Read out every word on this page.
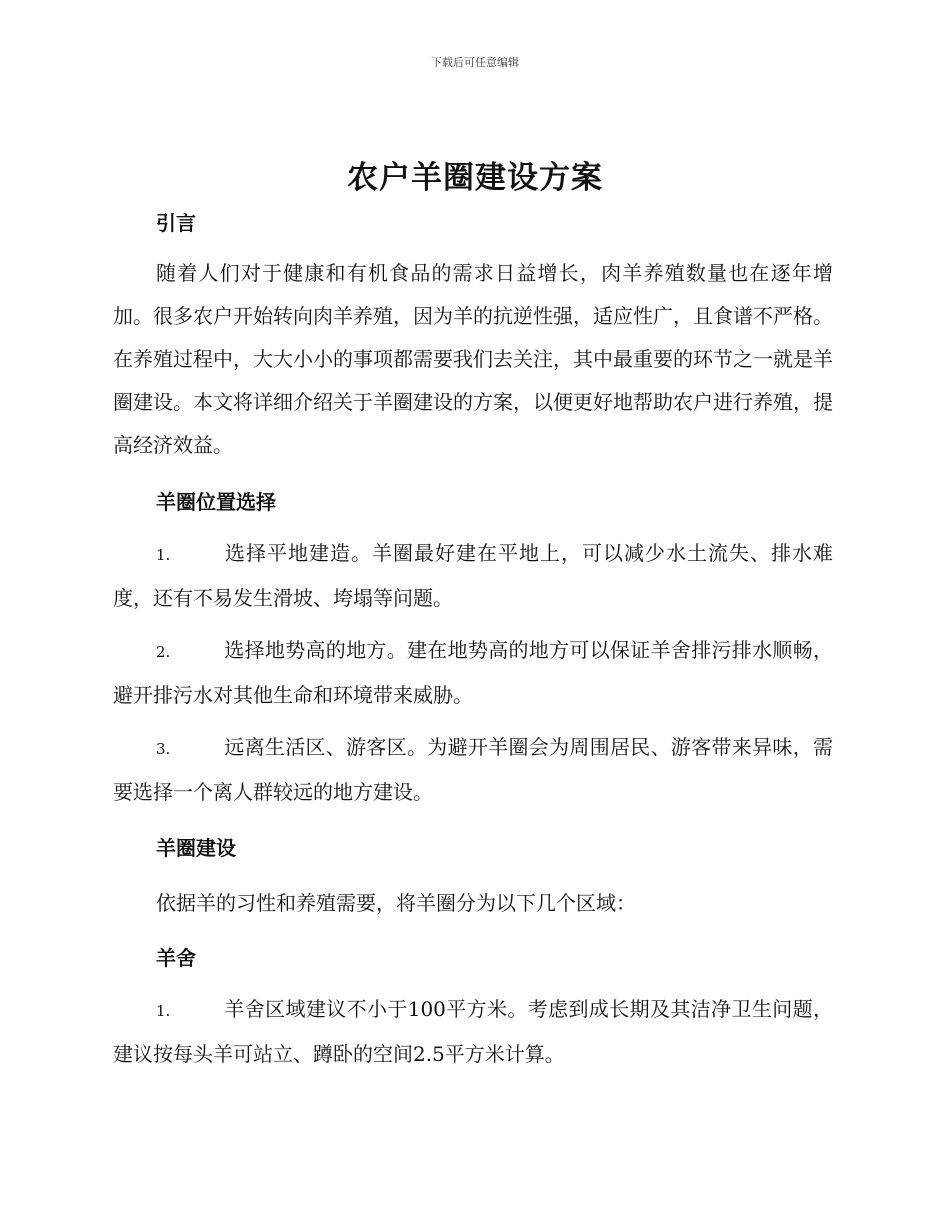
下载后可任意编辑
农户羊圈建设方案
引言
随着人们对于健康和有机食品的需求日益增长，肉羊养殖数量也在逐年增加。很多农户开始转向肉羊养殖，因为羊的抗逆性强，适应性广，且食谱不严格。在养殖过程中，大大小小的事项都需要我们去关注，其中最重要的环节之一就是羊圈建设。本文将详细介绍关于羊圈建设的方案，以便更好地帮助农户进行养殖，提高经济效益。
羊圈位置选择
1.	选择平地建造。羊圈最好建在平地上，可以减少水土流失、排水难度，还有不易发生滑坡、垮塌等问题。
2.	选择地势高的地方。建在地势高的地方可以保证羊舍排污排水顺畅，避开排污水对其他生命和环境带来威胁。
3.	远离生活区、游客区。为避开羊圈会为周围居民、游客带来异味，需要选择一个离人群较远的地方建设。
羊圈建设
依据羊的习性和养殖需要，将羊圈分为以下几个区域：
羊舍
1.	羊舍区域建议不小于100平方米。考虑到成长期及其洁净卫生问题，建议按每头羊可站立、蹲卧的空间2.5平方米计算。
